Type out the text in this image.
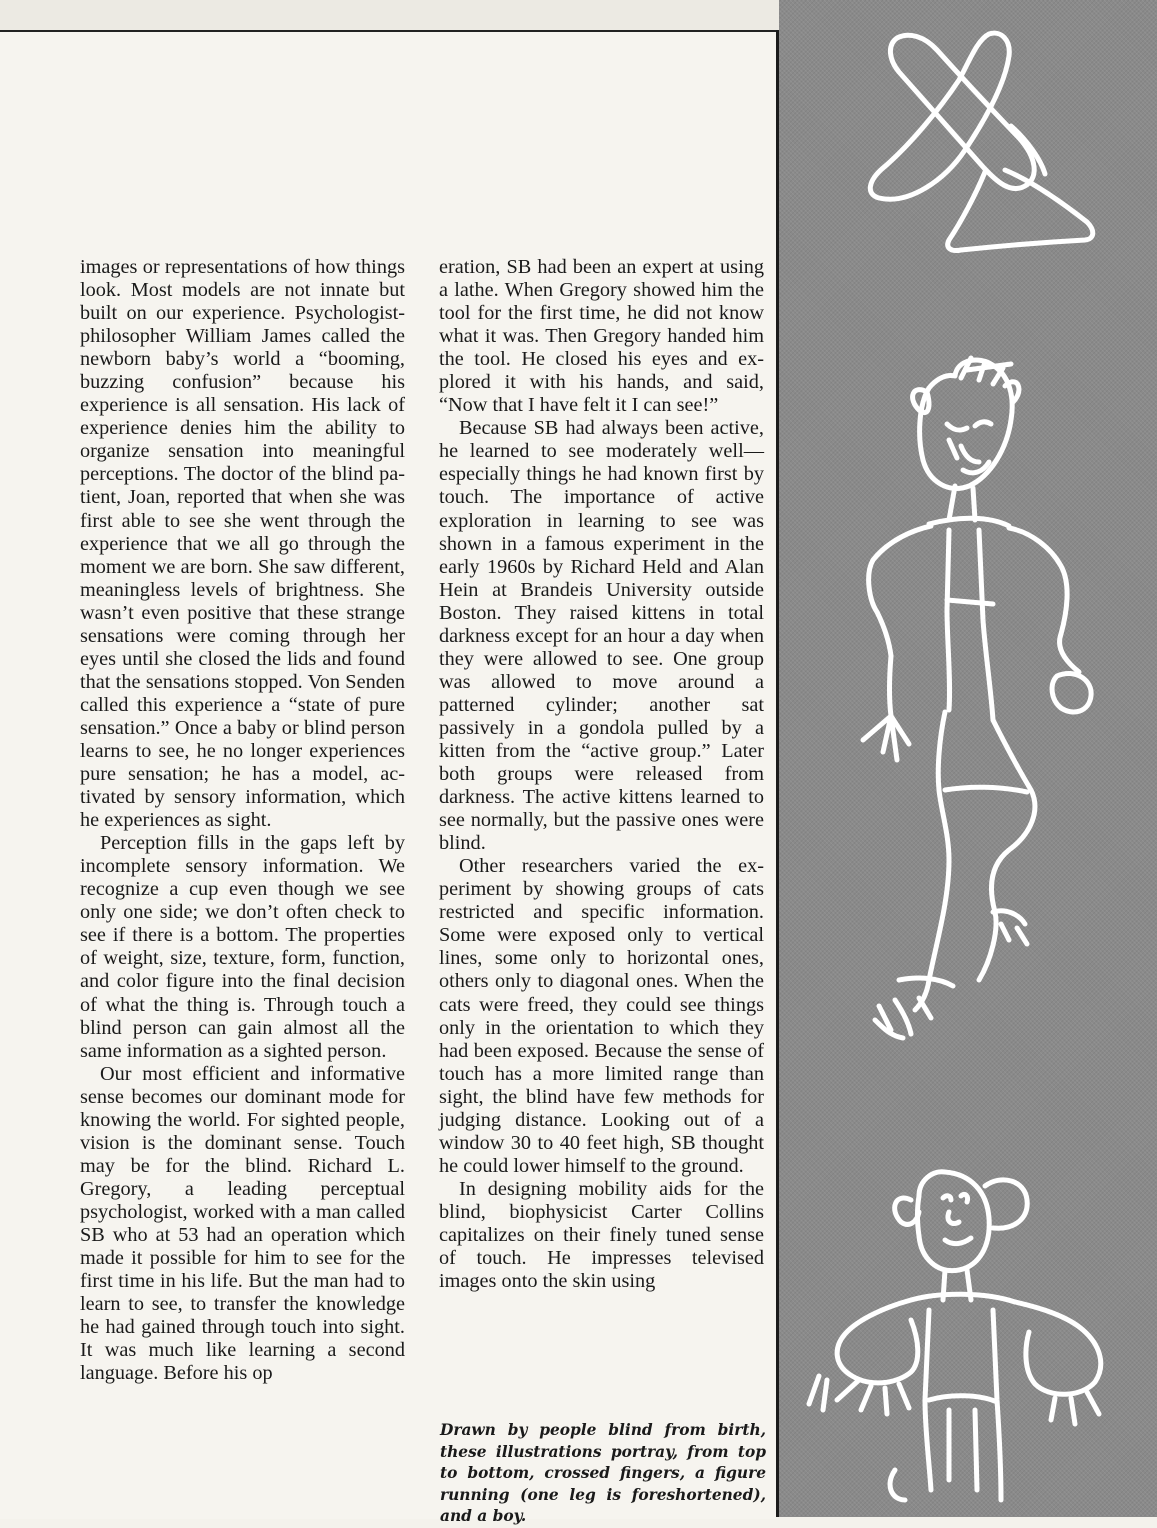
images or representations of how things look. Most models are not innate but built on our experience. Psychologist-philosopher William James called the newborn baby’s world a “booming, buzzing confusion” because his experience is all sensation. His lack of experience denies him the ability to organize sensation into meaningful perceptions. The doctor of the blind patient, Joan, reported that when she was first able to see she went through the experience that we all go through the moment we are born. She saw different, meaningless levels of brightness. She wasn’t even positive that these strange sensations were coming through her eyes until she closed the lids and found that the sensations stopped. Von Senden called this experience a “state of pure sensation.” Once a baby or blind person learns to see, he no longer experiences pure sensation; he has a model, activated by sensory information, which he experiences as sight.

Perception fills in the gaps left by incomplete sensory information. We recognize a cup even though we see only one side; we don’t often check to see if there is a bottom. The properties of weight, size, texture, form, function, and color figure into the final decision of what the thing is. Through touch a blind person can gain almost all the same information as a sighted person.

Our most efficient and informative sense becomes our dominant mode for knowing the world. For sighted people, vision is the dominant sense. Touch may be for the blind. Richard L. Gregory, a leading perceptual psychologist, worked with a man called SB who at 53 had an operation which made it possible for him to see for the first time in his life. But the man had to learn to see, to transfer the knowledge he had gained through touch into sight. It was much like learning a second language. Before his op

eration, SB had been an expert at using a lathe. When Gregory showed him the tool for the first time, he did not know what it was. Then Gregory handed him the tool. He closed his eyes and explored it with his hands, and said, “Now that I have felt it I can see!”

Because SB had always been active, he learned to see moderately well—especially things he had known first by touch. The importance of active exploration in learning to see was shown in a famous experiment in the early 1960s by Richard Held and Alan Hein at Brandeis University outside Boston. They raised kittens in total darkness except for an hour a day when they were allowed to see. One group was allowed to move around a patterned cylinder; another sat passively in a gondola pulled by a kitten from the “active group.” Later both groups were released from darkness. The active kittens learned to see normally, but the passive ones were blind.

Other researchers varied the experiment by showing groups of cats restricted and specific information. Some were exposed only to vertical lines, some only to horizontal ones, others only to diagonal ones. When the cats were freed, they could see things only in the orientation to which they had been exposed. Because the sense of touch has a more limited range than sight, the blind have few methods for judging distance. Looking out of a window 30 to 40 feet high, SB thought he could lower himself to the ground.

In designing mobility aids for the blind, biophysicist Carter Collins capitalizes on their finely tuned sense of touch. He impresses televised images onto the skin using

Drawn by people blind from birth, these illustrations portray, from top to bottom, crossed fingers, a figure running (one leg is foreshortened), and a boy.
